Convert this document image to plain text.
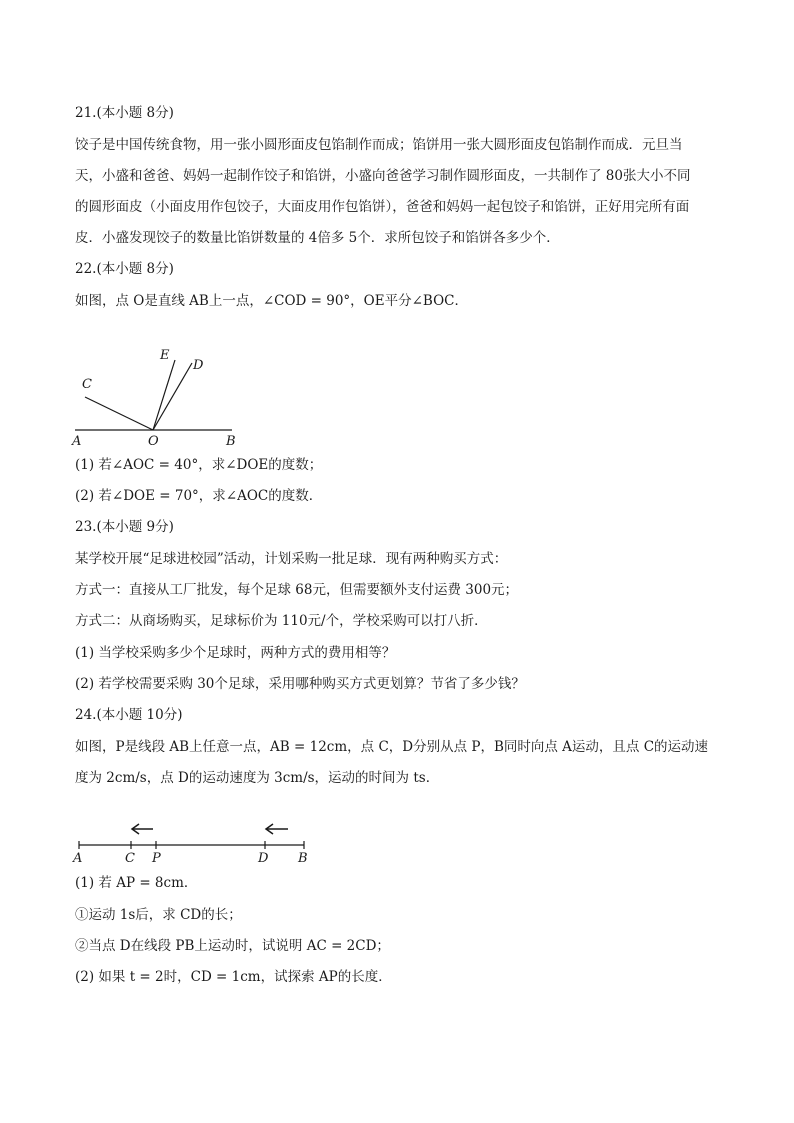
21.(本小题 8分)
饺子是中国传统食物，用一张小圆形面皮包馅制作而成；馅饼用一张大圆形面皮包馅制作而成．元旦当
天，小盛和爸爸、妈妈一起制作饺子和馅饼，小盛向爸爸学习制作圆形面皮，一共制作了 80张大小不同
的圆形面皮（小面皮用作包饺子，大面皮用作包馅饼），爸爸和妈妈一起包饺子和馅饼，正好用完所有面
皮．小盛发现饺子的数量比馅饼数量的 4倍多 5个．求所包饺子和馅饼各多少个．
22.(本小题 8分)
如图，点 O是直线 AB上一点，∠COD = 90°，OE平分∠BOC．
A	O	B
C
E
D
(1) 若∠AOC = 40°，求∠DOE的度数；
(2) 若∠DOE = 70°，求∠AOC的度数．
23.(本小题 9分)
某学校开展“足球进校园”活动，计划采购一批足球．现有两种购买方式：
方式一：直接从工厂批发，每个足球 68元，但需要额外支付运费 300元；
方式二：从商场购买，足球标价为 110元/个，学校采购可以打八折．
(1) 当学校采购多少个足球时，两种方式的费用相等？
(2) 若学校需要采购 30个足球，采用哪种购买方式更划算？节省了多少钱？
24.(本小题 10分)
如图，P是线段 AB上任意一点，AB = 12cm，点 C，D分别从点 P，B同时向点 A运动，且点 C的运动速
度为 2cm/s，点 D的运动速度为 3cm/s，运动的时间为 ts．
A	C P	D B
(1) 若 AP = 8cm．
①运动 1s后，求 CD的长；
②当点 D在线段 PB上运动时，试说明 AC = 2CD；
(2) 如果 t = 2时，CD = 1cm，试探索 AP的长度．
